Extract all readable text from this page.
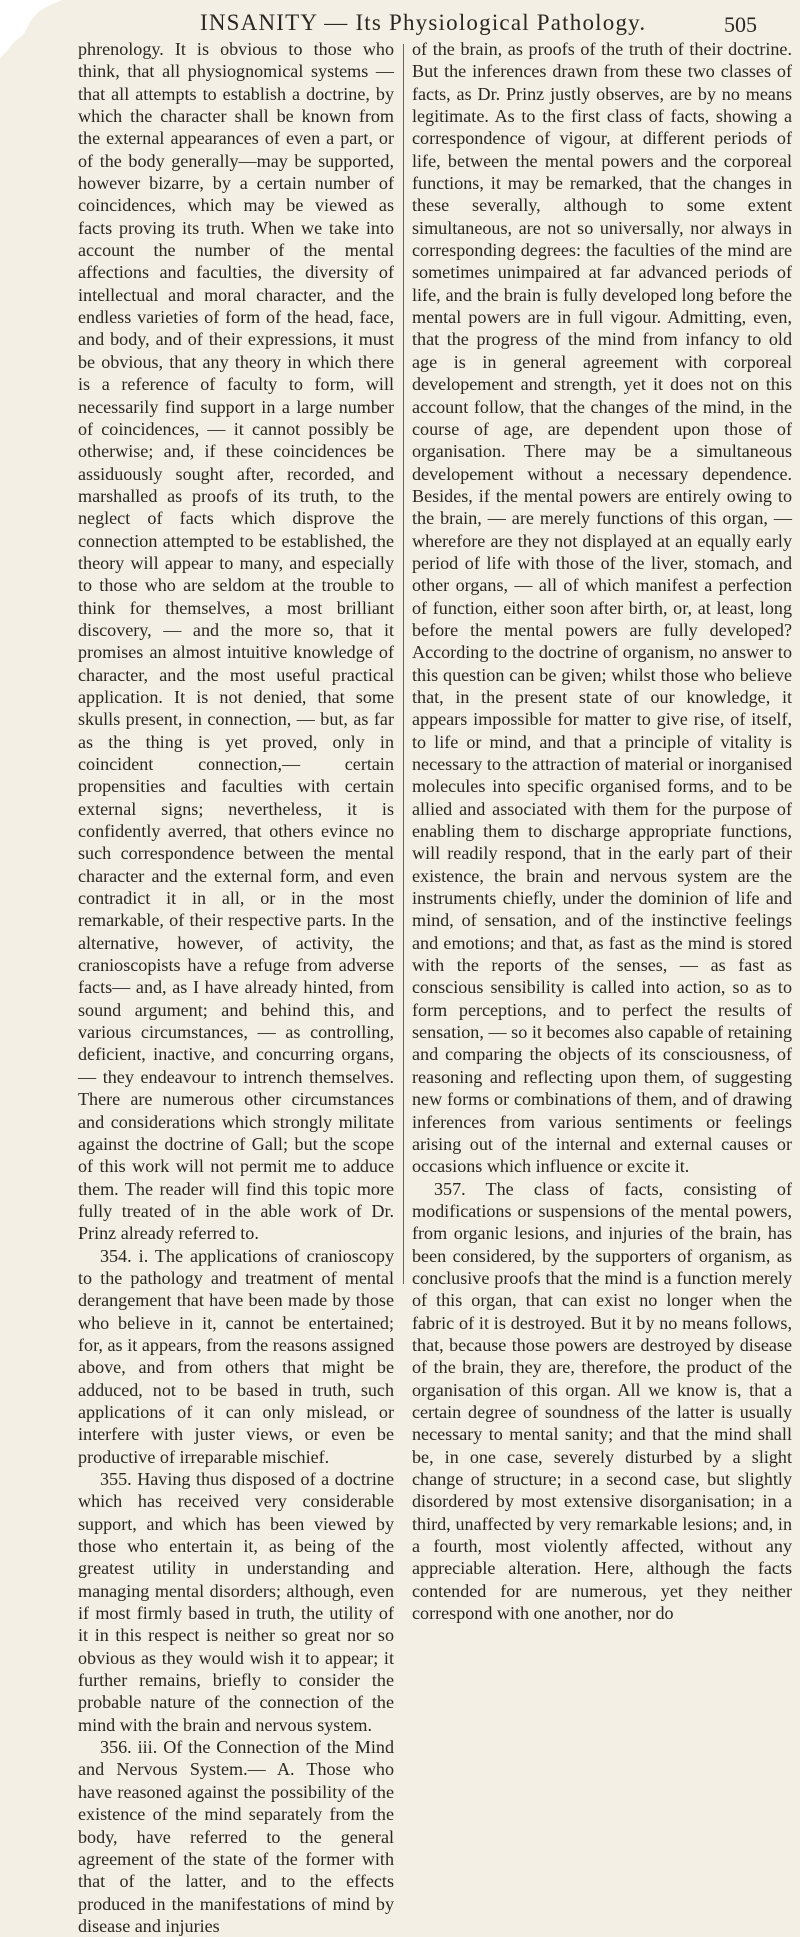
INSANITY — Its Physiological Pathology.	505

phrenology. It is obvious to those who think, that all physiognomical systems — that all attempts to establish a doctrine, by which the character shall be known from the external appearances of even a part, or of the body generally—may be supported, however bizarre, by a certain number of coincidences, which may be viewed as facts proving its truth. When we take into account the number of the mental affections and faculties, the diversity of intellectual and moral character, and the endless varieties of form of the head, face, and body, and of their expressions, it must be obvious, that any theory in which there is a reference of faculty to form, will necessarily find support in a large number of coincidences, — it cannot possibly be otherwise; and, if these coincidences be assiduously sought after, recorded, and marshalled as proofs of its truth, to the neglect of facts which disprove the connection attempted to be established, the theory will appear to many, and especially to those who are seldom at the trouble to think for themselves, a most brilliant discovery, — and the more so, that it promises an almost intuitive knowledge of character, and the most useful practical application. It is not denied, that some skulls present, in connection, — but, as far as the thing is yet proved, only in coincident connection,— certain propensities and faculties with certain external signs; nevertheless, it is confidently averred, that others evince no such correspondence between the mental character and the external form, and even contradict it in all, or in the most remarkable, of their respective parts. In the alternative, however, of activity, the cranioscopists have a refuge from adverse facts— and, as I have already hinted, from sound argument; and behind this, and various circumstances, — as controlling, deficient, inactive, and concurring organs, — they endeavour to intrench themselves. There are numerous other circumstances and considerations which strongly militate against the doctrine of Gall; but the scope of this work will not permit me to adduce them. The reader will find this topic more fully treated of in the able work of Dr. Prinz already referred to.

354. i. The applications of cranioscopy to the pathology and treatment of mental derangement that have been made by those who believe in it, cannot be entertained; for, as it appears, from the reasons assigned above, and from others that might be adduced, not to be based in truth, such applications of it can only mislead, or interfere with juster views, or even be productive of irreparable mischief.

355. Having thus disposed of a doctrine which has received very considerable support, and which has been viewed by those who entertain it, as being of the greatest utility in understanding and managing mental disorders; although, even if most firmly based in truth, the utility of it in this respect is neither so great nor so obvious as they would wish it to appear; it further remains, briefly to consider the probable nature of the connection of the mind with the brain and nervous system.

356. iii. Of the Connection of the Mind and Nervous System.— A. Those who have reasoned against the possibility of the existence of the mind separately from the body, have referred to the general agreement of the state of the former with that of the latter, and to the effects produced in the manifestations of mind by disease and injuries

of the brain, as proofs of the truth of their doctrine. But the inferences drawn from these two classes of facts, as Dr. Prinz justly observes, are by no means legitimate. As to the first class of facts, showing a correspondence of vigour, at different periods of life, between the mental powers and the corporeal functions, it may be remarked, that the changes in these severally, although to some extent simultaneous, are not so universally, nor always in corresponding degrees: the faculties of the mind are sometimes unimpaired at far advanced periods of life, and the brain is fully developed long before the mental powers are in full vigour. Admitting, even, that the progress of the mind from infancy to old age is in general agreement with corporeal developement and strength, yet it does not on this account follow, that the changes of the mind, in the course of age, are dependent upon those of organisation. There may be a simultaneous developement without a necessary dependence. Besides, if the mental powers are entirely owing to the brain, — are merely functions of this organ, — wherefore are they not displayed at an equally early period of life with those of the liver, stomach, and other organs, — all of which manifest a perfection of function, either soon after birth, or, at least, long before the mental powers are fully developed? According to the doctrine of organism, no answer to this question can be given; whilst those who believe that, in the present state of our knowledge, it appears impossible for matter to give rise, of itself, to life or mind, and that a principle of vitality is necessary to the attraction of material or inorganised molecules into specific organised forms, and to be allied and associated with them for the purpose of enabling them to discharge appropriate functions, will readily respond, that in the early part of their existence, the brain and nervous system are the instruments chiefly, under the dominion of life and mind, of sensation, and of the instinctive feelings and emotions; and that, as fast as the mind is stored with the reports of the senses, — as fast as conscious sensibility is called into action, so as to form perceptions, and to perfect the results of sensation, — so it becomes also capable of retaining and comparing the objects of its consciousness, of reasoning and reflecting upon them, of suggesting new forms or combinations of them, and of drawing inferences from various sentiments or feelings arising out of the internal and external causes or occasions which influence or excite it.

357. The class of facts, consisting of modifications or suspensions of the mental powers, from organic lesions, and injuries of the brain, has been considered, by the supporters of organism, as conclusive proofs that the mind is a function merely of this organ, that can exist no longer when the fabric of it is destroyed. But it by no means follows, that, because those powers are destroyed by disease of the brain, they are, therefore, the product of the organisation of this organ. All we know is, that a certain degree of soundness of the latter is usually necessary to mental sanity; and that the mind shall be, in one case, severely disturbed by a slight change of structure; in a second case, but slightly disordered by most extensive disorganisation; in a third, unaffected by very remarkable lesions; and, in a fourth, most violently affected, without any appreciable alteration. Here, although the facts contended for are numerous, yet they neither correspond with one another, nor do
